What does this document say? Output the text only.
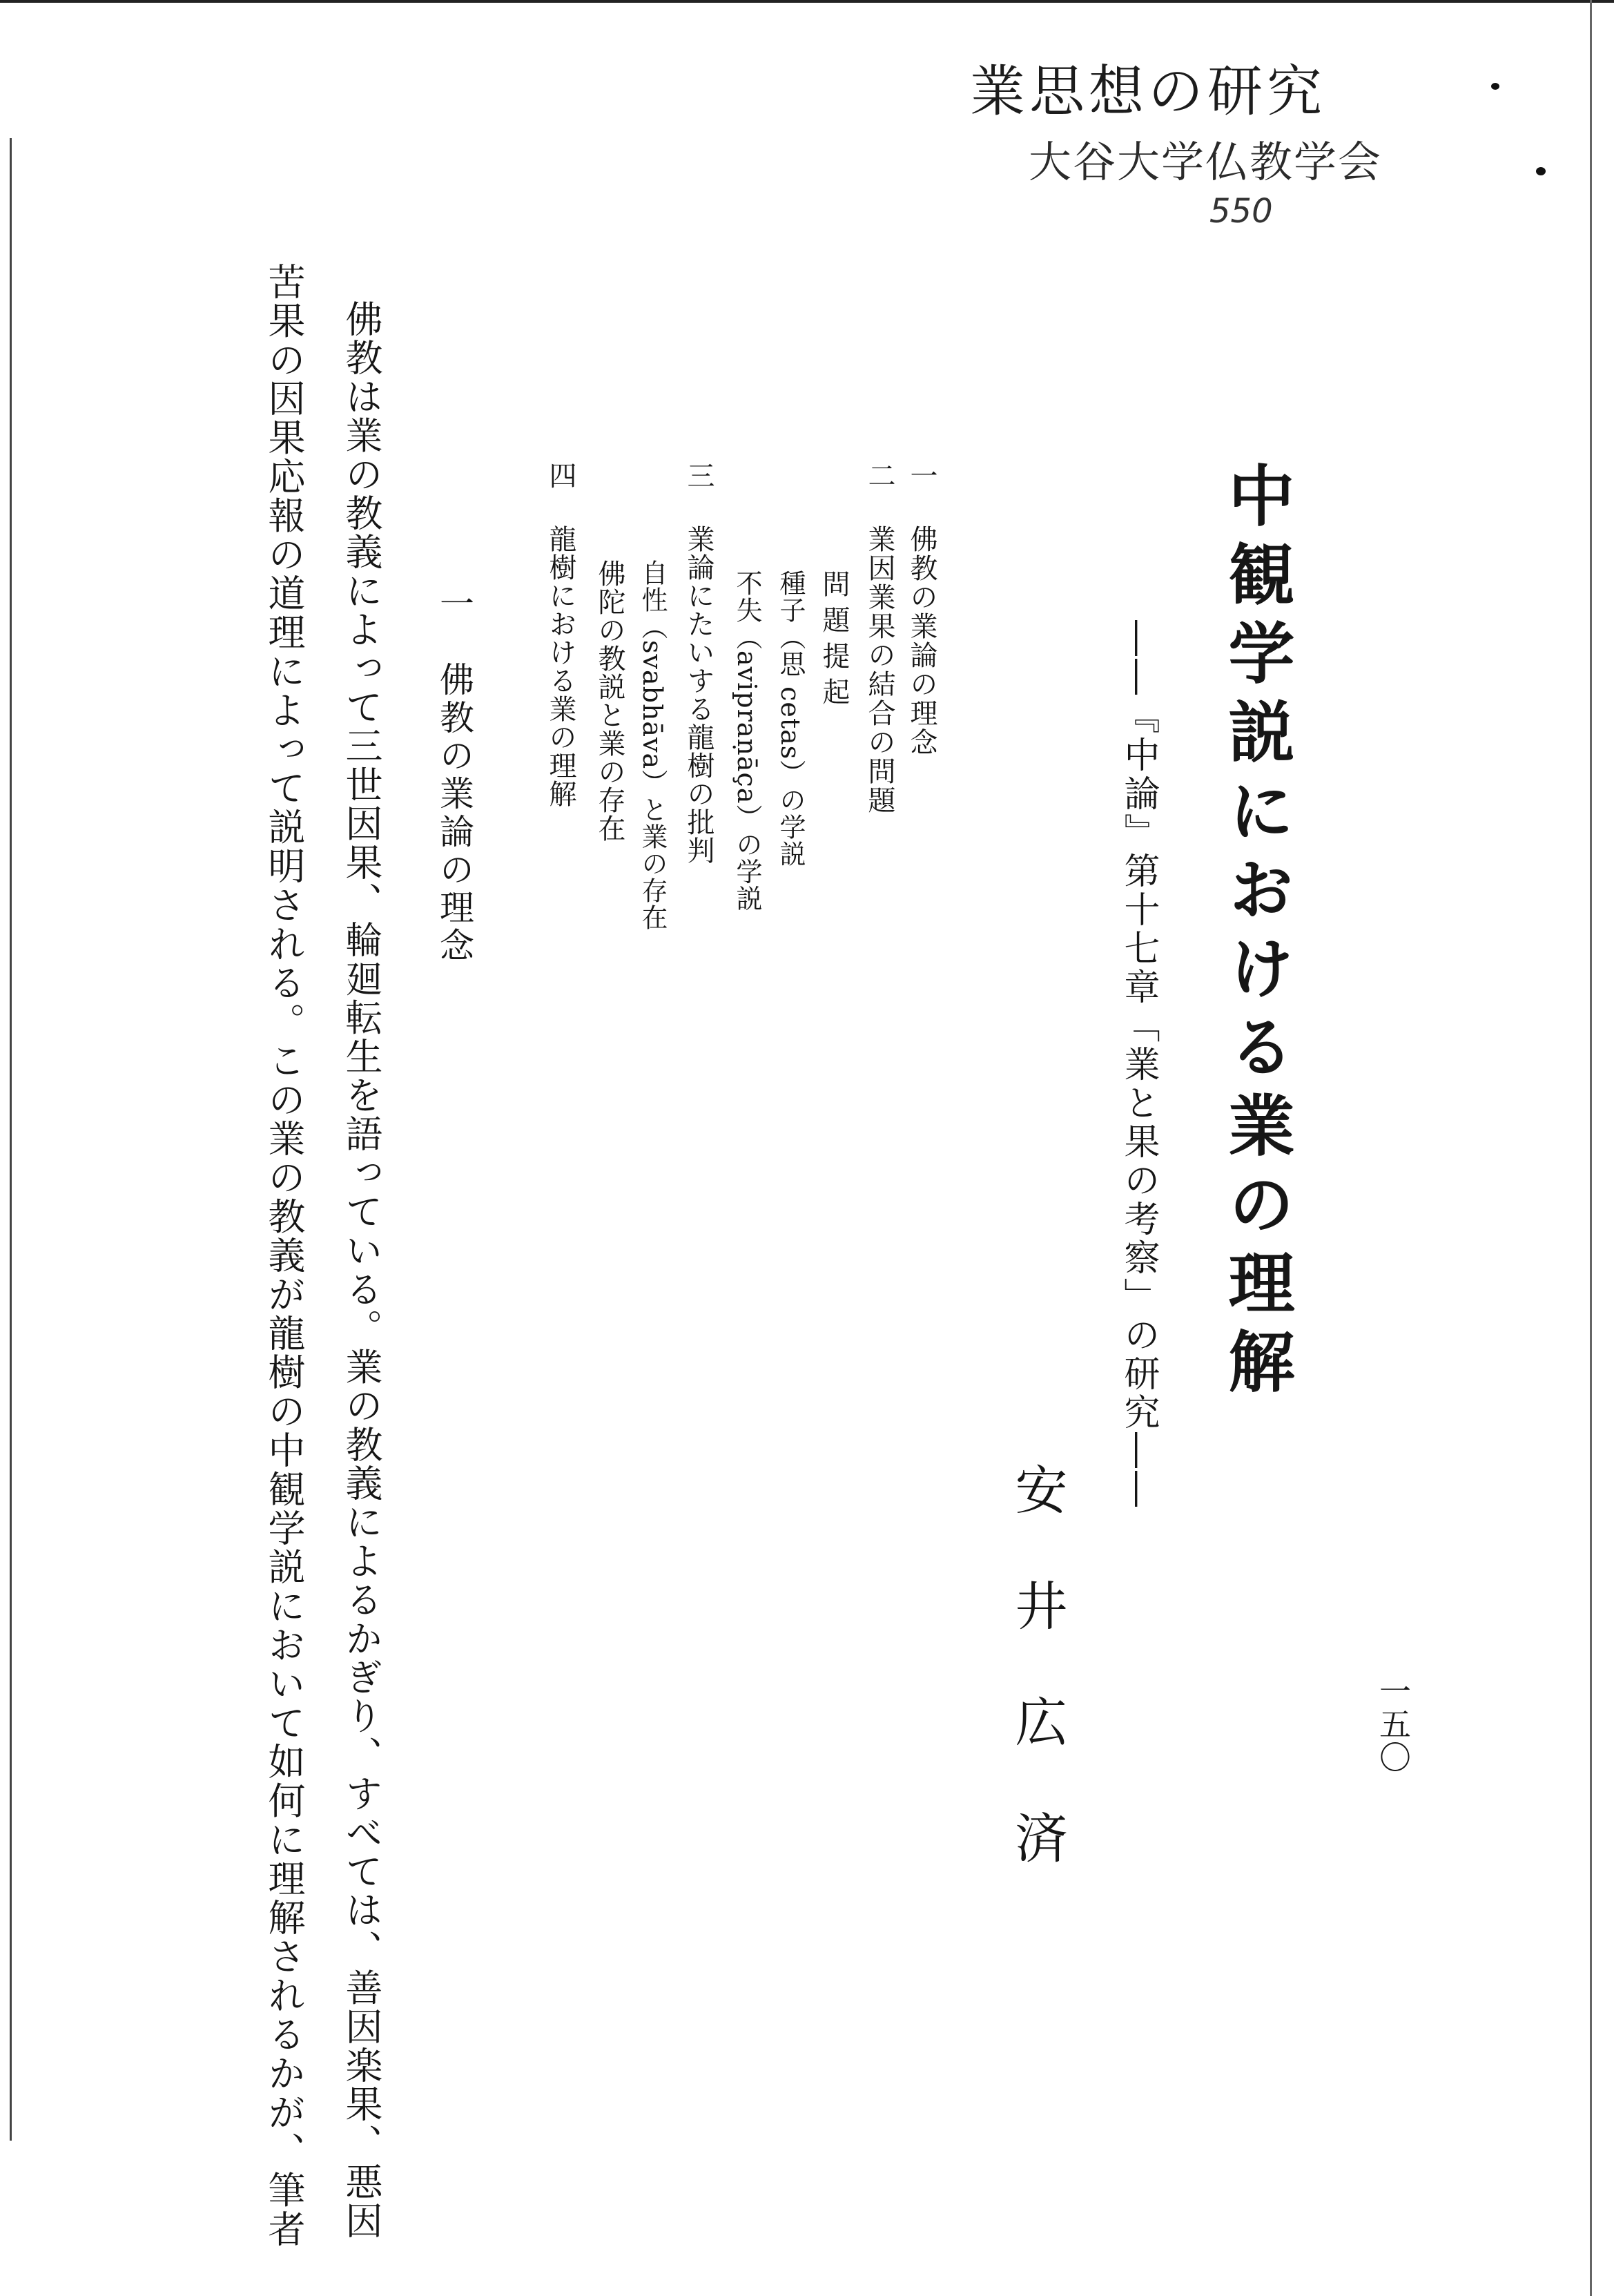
業思想の研究
大谷大学仏教学会
550
一五〇
中観学説における業の理解
――『中論』第十七章「業と果の考察」の研究――
安井広済
一
佛教の業論の理念
二
業因業果の結合の問題
問題提起
種子（思 cetas）の学説
不失（avipraṇāça）の学説
三
業論にたいする龍樹の批判
自性（svabhāva）と業の存在
佛陀の教説と業の存在
四
龍樹における業の理解
一　佛教の業論の理念
佛教は業の教義によって三世因果、輪廻転生を語っている。業の教義によるかぎり、すべては、善因楽果、悪因
苦果の因果応報の道理によって説明される。この業の教義が龍樹の中観学説において如何に理解されるかが、筆者
